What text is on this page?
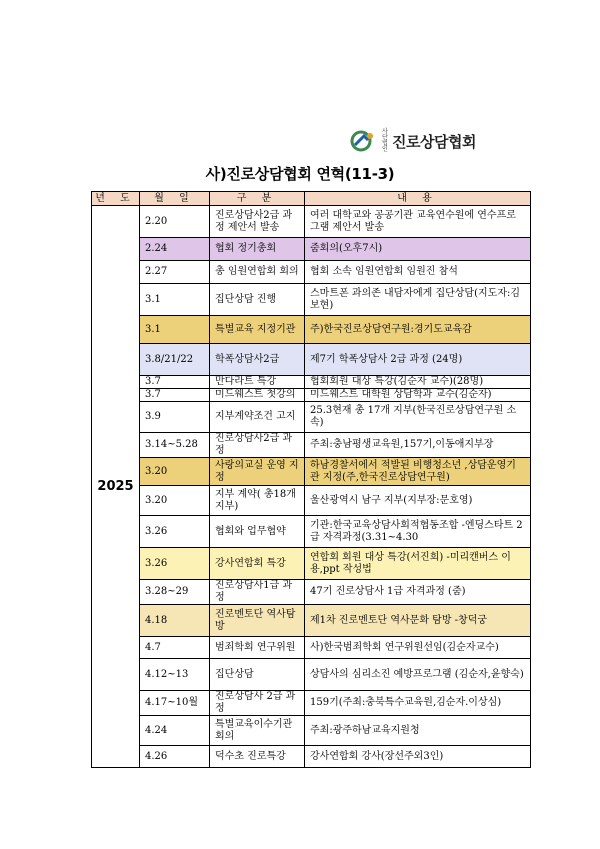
사단법인 진로상담협회
사)진로상담협회 연혁(11-3)
년 도	월 일	구 분	내 용
2025	2.20	진로상담사2급 과정 제안서 발송	여러 대학교와 공공기관 교육연수원에 연수프로그램 제안서 발송
	2.24	협회 정기총회	줌회의(오후7시)
	2.27	총 임원연합회 회의	협회 소속 임원연합회 임원진 참석
	3.1	집단상담 진행	스마트폰 과의존 내담자에게 집단상담(지도자:김보현)
	3.1	특별교육 지정기관	주)한국진로상담연구원:경기도교육감
	3.8/21/22	학폭상담사2급	제7기 학폭상담사 2급 과정 (24명)
	3.7	만다라트 특강	협회회원 대상 특강(김순자 교수)(28명)
	3.7	미드웨스트 첫강의	미드웨스트 대학원 상담학과 교수(김순자)
	3.9	지부계약조건 고지	25.3현재 총 17개 지부(한국진로상담연구원 소속)
	3.14~5.28	진로상담사2급 과정	주최:충남평생교육원,157기,이동애지부장
	3.20	사랑의교실 운영 지정	하남경찰서에서 적발된 비행청소년 ,상담운영기관 지정(주,한국진로상담연구원)
	3.20	지부 계약( 총18개 지부)	울산광역시 남구 지부(지부장:문호영)
	3.26	협회와 업무협약	기관:한국교육상담사회적협동조합 -엔딩스타트 2급 자격과정(3.31~4.30
	3.26	강사연합회 특강	연합회 회원 대상 특강(서진희) -미리캔버스 이용,ppt 작성법
	3.28~29	진로상담사1급 과정	47기 진로상담사 1급 자격과정 (줌)
	4.18	진로멘토단 역사탐방	제1차 진로멘토단 역사문화 탐방 -창덕궁
	4.7	범죄학회 연구위원	사)한국범죄학회 연구위원선임(김순자교수)
	4.12~13	집단상담	상담사의 심리소진 예방프로그램 (김순자,윤향숙)
	4.17~10월	진로상담사 2급 과정	159기(주최:충북특수교육원,김순자.이상심)
	4.24	특별교육이수기관 회의	주최:광주하남교육지원청
	4.26	덕수초 진로특강	강사연합회 강사(장선주외3인)
